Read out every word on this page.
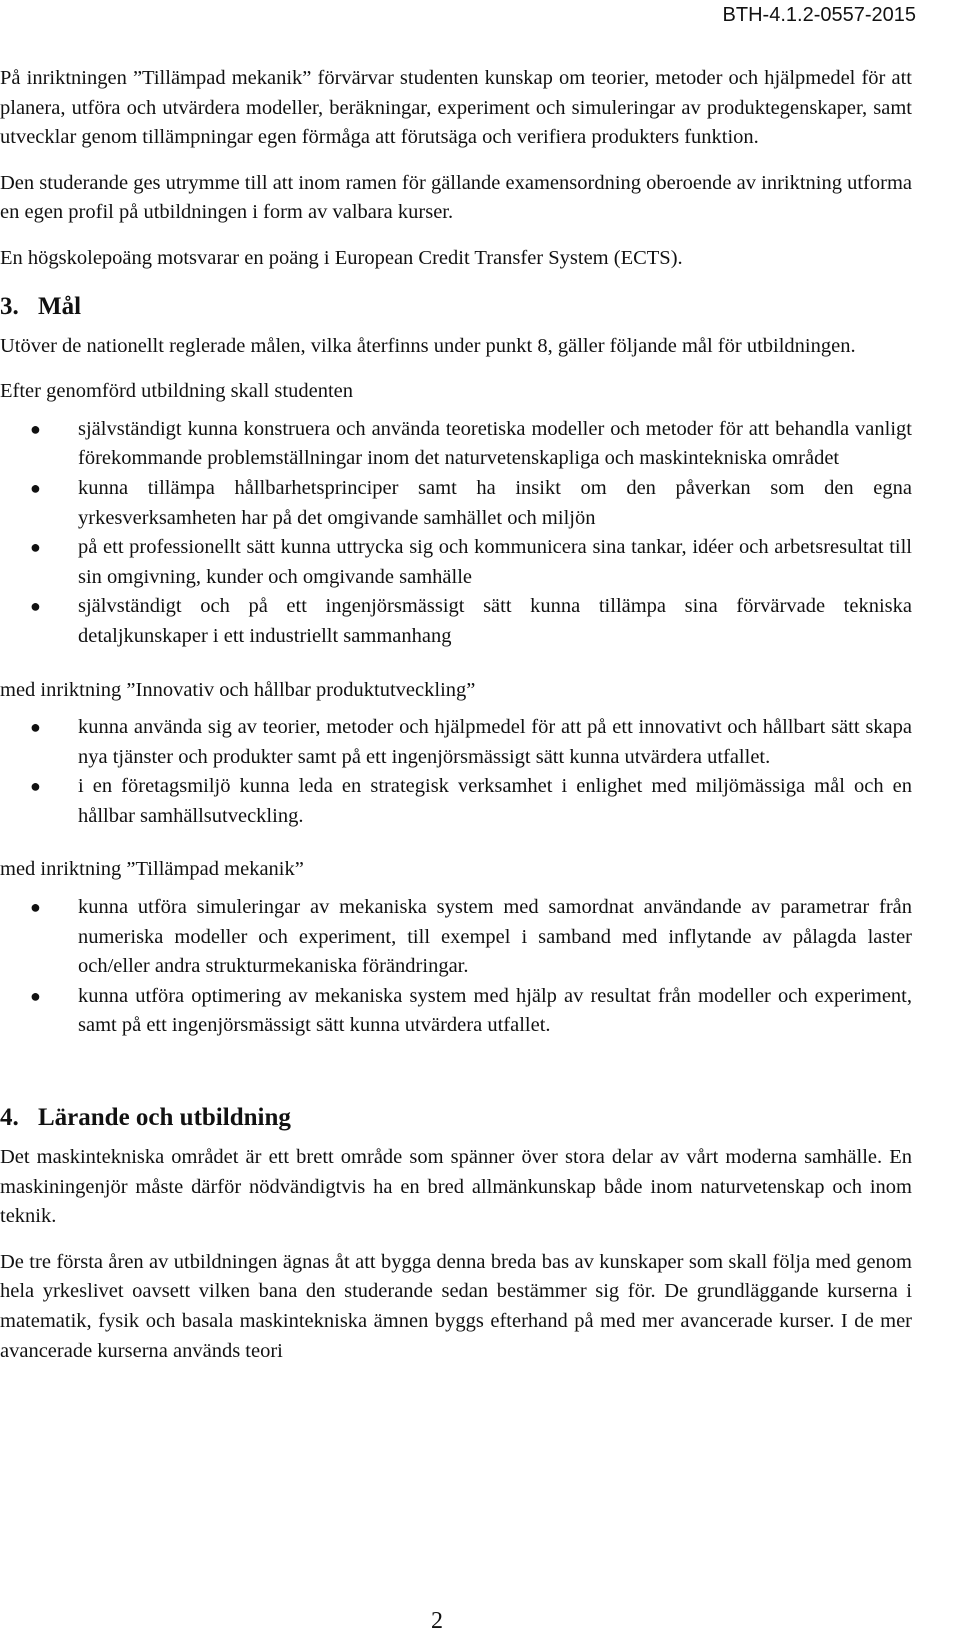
BTH-4.1.2-0557-2015

På inriktningen ”Tillämpad mekanik” förvärvar studenten kunskap om teorier, metoder och hjälpmedel för att planera, utföra och utvärdera modeller, beräkningar, experiment och simuleringar av produktegenskaper, samt utvecklar genom tillämpningar egen förmåga att förutsäga och verifiera produkters funktion.

Den studerande ges utrymme till att inom ramen för gällande examensordning oberoende av inriktning utforma en egen profil på utbildningen i form av valbara kurser.

En högskolepoäng motsvarar en poäng i European Credit Transfer System (ECTS).

3. Mål

Utöver de nationellt reglerade målen, vilka återfinns under punkt 8, gäller följande mål för utbildningen.

Efter genomförd utbildning skall studenten

● självständigt kunna konstruera och använda teoretiska modeller och metoder för att behandla vanligt förekommande problemställningar inom det naturvetenskapliga och maskintekniska området
● kunna tillämpa hållbarhetsprinciper samt ha insikt om den påverkan som den egna yrkesverksamheten har på det omgivande samhället och miljön
● på ett professionellt sätt kunna uttrycka sig och kommunicera sina tankar, idéer och arbetsresultat till sin omgivning, kunder och omgivande samhälle
● självständigt och på ett ingenjörsmässigt sätt kunna tillämpa sina förvärvade tekniska detaljkunskaper i ett industriellt sammanhang

med inriktning ”Innovativ och hållbar produktutveckling”

● kunna använda sig av teorier, metoder och hjälpmedel för att på ett innovativt och hållbart sätt skapa nya tjänster och produkter samt på ett ingenjörsmässigt sätt kunna utvärdera utfallet.
● i en företagsmiljö kunna leda en strategisk verksamhet i enlighet med miljömässiga mål och en hållbar samhällsutveckling.

med inriktning ”Tillämpad mekanik”

● kunna utföra simuleringar av mekaniska system med samordnat användande av parametrar från numeriska modeller och experiment, till exempel i samband med inflytande av pålagda laster och/eller andra strukturmekaniska förändringar.
● kunna utföra optimering av mekaniska system med hjälp av resultat från modeller och experiment, samt på ett ingenjörsmässigt sätt kunna utvärdera utfallet.
4. Lärande och utbildning

Det maskintekniska området är ett brett område som spänner över stora delar av vårt moderna samhälle. En maskiningenjör måste därför nödvändigtvis ha en bred allmänkunskap både inom naturvetenskap och inom teknik.

De tre första åren av utbildningen ägnas åt att bygga denna breda bas av kunskaper som skall följa med genom hela yrkeslivet oavsett vilken bana den studerande sedan bestämmer sig för. De grundläggande kurserna i matematik, fysik och basala maskintekniska ämnen byggs efterhand på med mer avancerade kurser. I de mer avancerade kurserna används teori

2
